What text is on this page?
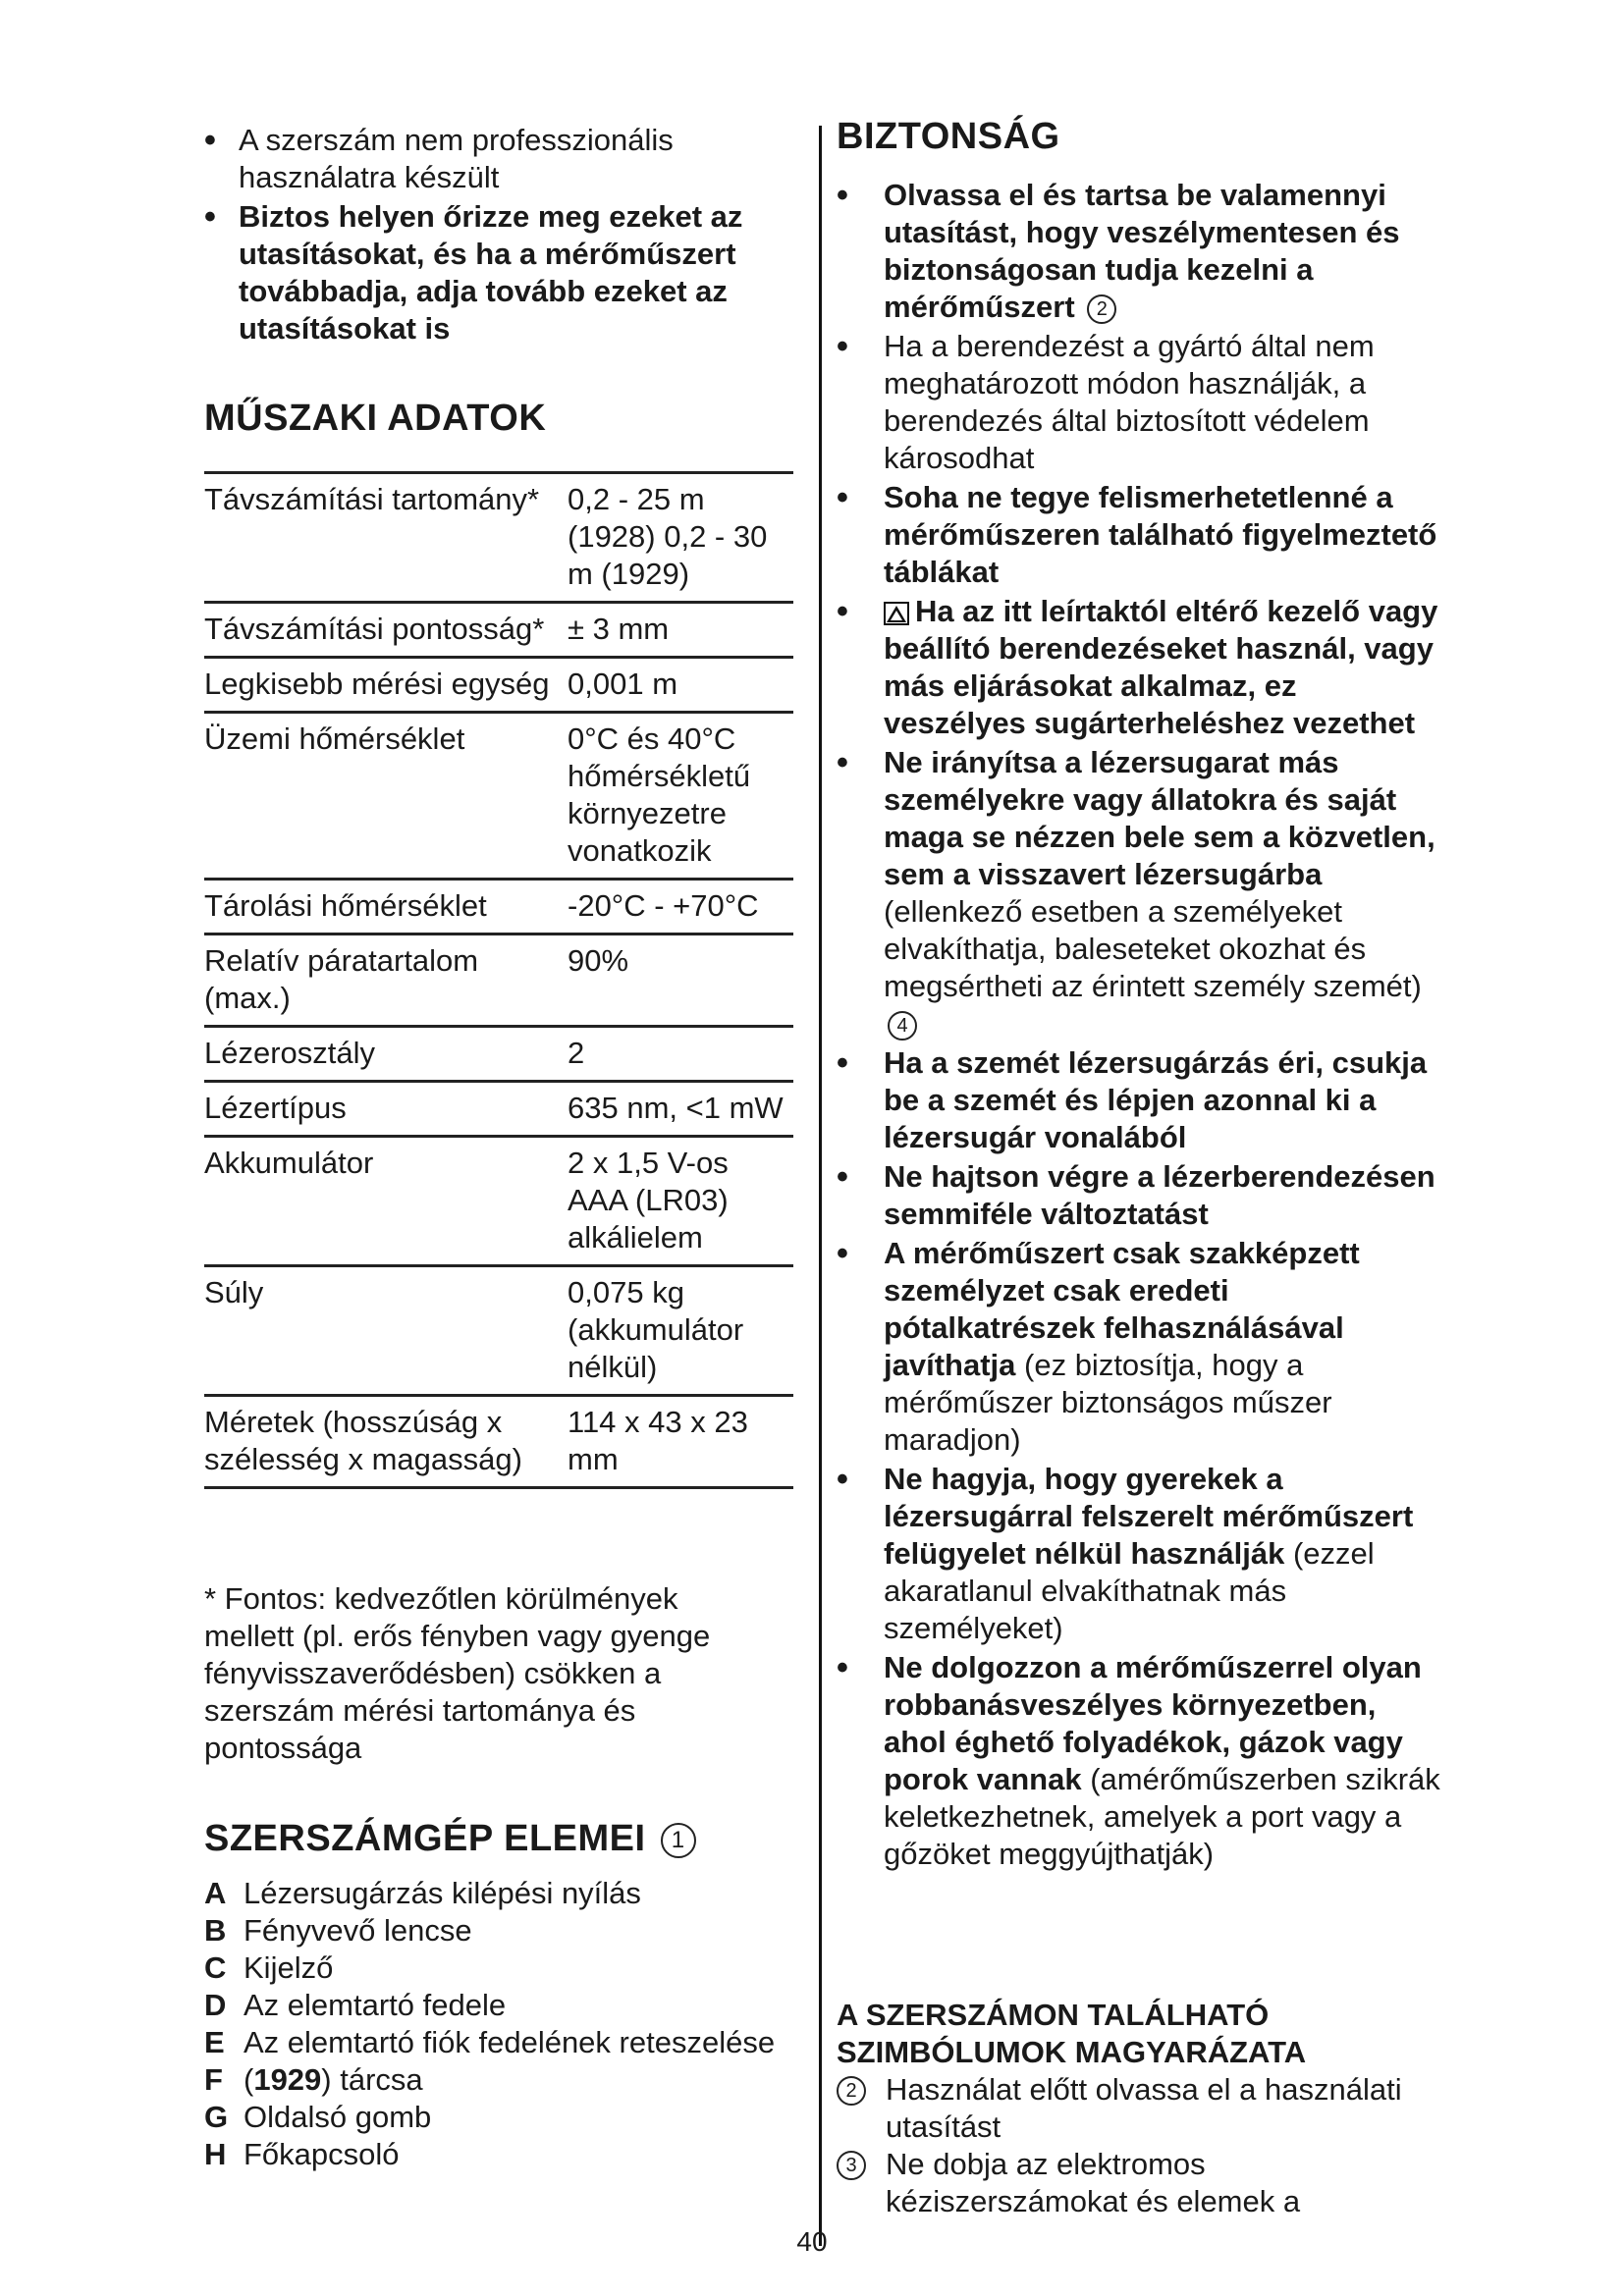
• A szerszám nem professzionális használatra készült
• Biztos helyen őrizze meg ezeket az utasításokat, és ha a mérőműszert továbbadja, adja tovább ezeket az utasításokat is
MŰSZAKI ADATOK
Távszámítási tartomány*	0,2 - 25 m (1928) 0,2 - 30 m (1929)
Távszámítási pontosság*	± 3 mm
Legkisebb mérési egység	0,001 m
Üzemi hőmérséklet	0°C és 40°C hőmérsékletű környezetre vonatkozik
Tárolási hőmérséklet	-20°C - +70°C
Relatív páratartalom (max.)	90%
Lézerosztály	2
Lézertípus	635 nm, <1 mW
Akkumulátor	2 x 1,5 V-os AAA (LR03) alkálielem
Súly	0,075 kg (akkumulátor nélkül)
Méretek (hosszúság x szélesség x magasság)	114 x 43 x 23 mm
* Fontos: kedvezőtlen körülmények mellett (pl. erős fényben vagy gyenge fényvisszaverődésben) csökken a szerszám mérési tartománya és pontossága
SZERSZÁMGÉP ELEMEI 1
A Lézersugárzás kilépési nyílás
B Fényvevő lencse
C Kijelző
D Az elemtartó fedele
E Az elemtartó fiók fedelének reteszelése
F (1929) tárcsa
G Oldalsó gomb
H Főkapcsoló
BIZTONSÁG
• Olvassa el és tartsa be valamennyi utasítást, hogy veszélymentesen és biztonságosan tudja kezelni a mérőműszert 2
• Ha a berendezést a gyártó által nem meghatározott módon használják, a berendezés által biztosított védelem károsodhat
• Soha ne tegye felismerhetetlenné a mérőműszeren található figyelmeztető táblákat
• Ha az itt leírtaktól eltérő kezelő vagy beállító berendezéseket használ, vagy más eljárásokat alkalmaz, ez veszélyes sugárterheléshez vezethet
• Ne irányítsa a lézersugarat más személyekre vagy állatokra és saját maga se nézzen bele sem a közvetlen, sem a visszavert lézersugárba (ellenkező esetben a személyeket elvakíthatja, baleseteket okozhat és megsértheti az érintett személy szemét) 4
• Ha a szemét lézersugárzás éri, csukja be a szemét és lépjen azonnal ki a lézersugár vonalából
• Ne hajtson végre a lézerberendezésen semmiféle változtatást
• A mérőműszert csak szakképzett személyzet csak eredeti pótalkatrészek felhasználásával javíthatja (ez biztosítja, hogy a mérőműszer biztonságos műszer maradjon)
• Ne hagyja, hogy gyerekek a lézersugárral felszerelt mérőműszert felügyelet nélkül használják (ezzel akaratlanul elvakíthatnak más személyeket)
• Ne dolgozzon a mérőműszerrel olyan robbanásveszélyes környezetben, ahol éghető folyadékok, gázok vagy porok vannak (amérőműszerben szikrák keletkezhetnek, amelyek a port vagy a gőzöket meggyújthatják)
A SZERSZÁMON TALÁLHATÓ SZIMBÓLUMOK MAGYARÁZATA
2 Használat előtt olvassa el a használati utasítást
3 Ne dobja az elektromos kéziszerszámokat és elemek a
40
